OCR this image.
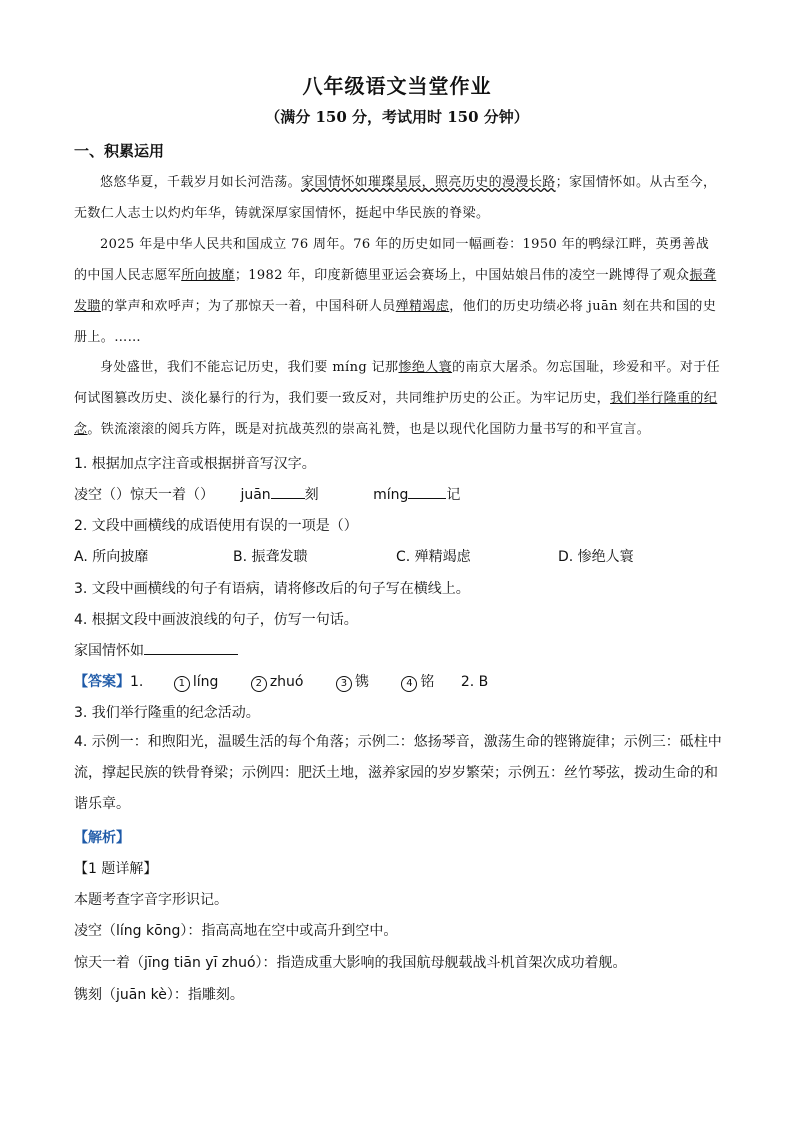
八年级语文当堂作业
（满分 150 分，考试用时 150 分钟）
一、积累运用
悠悠华夏，千载岁月如长河浩荡。家国情怀如璀璨星辰，照亮历史的漫漫长路；家国情怀如。从古至今，无数仁人志士以灼灼年华，铸就深厚家国情怀，挺起中华民族的脊梁。
2025 年是中华人民共和国成立 76 周年。76 年的历史如同一幅画卷：1950 年的鸭绿江畔，英勇善战的中国人民志愿军所向披靡；1982 年，印度新德里亚运会赛场上，中国姑娘吕伟的凌空一跳博得了观众振聋发聩的掌声和欢呼声；为了那惊天一着，中国科研人员殚精竭虑，他们的历史功绩必将 juān 刻在共和国的史册上。……
身处盛世，我们不能忘记历史，我们要 míng 记那惨绝人寰的南京大屠杀。勿忘国耻，珍爱和平。对于任何试图篡改历史、淡化暴行的行为，我们要一致反对，共同维护历史的公正。为牢记历史，我们举行隆重的纪念。铁流滚滚的阅兵方阵，既是对抗战英烈的崇高礼赞，也是以现代化国防力量书写的和平宣言。
1. 根据加点字注音或根据拼音写汉字。
凌空（）惊天一着（） juān 刻	míng	记
2. 文段中画横线的成语使用有误的一项是（）
A. 所向披靡	B. 振聋发聩	C. 殚精竭虑	D. 惨绝人寰
3. 文段中画横线的句子有语病，请将修改后的句子写在横线上。
4. 根据文段中画波浪线的句子，仿写一句话。
家国情怀如
【答案】1.	1 líng	2 zhuó	3 镌	4 铭 2. B
3. 我们举行隆重的纪念活动。
4. 示例一：和煦阳光，温暖生活的每个角落；示例二：悠扬琴音，激荡生命的铿锵旋律；示例三：砥柱中流，撑起民族的铁骨脊梁；示例四：肥沃土地，滋养家园的岁岁繁荣；示例五：丝竹琴弦，拨动生命的和谐乐章。
【解析】
【1 题详解】
本题考查字音字形识记。
凌空（líng kōng）：指高高地在空中或高升到空中。
惊天一着（jīng tiān yī zhuó）：指造成重大影响的我国航母舰载战斗机首架次成功着舰。
镌刻（juān kè）：指雕刻。
